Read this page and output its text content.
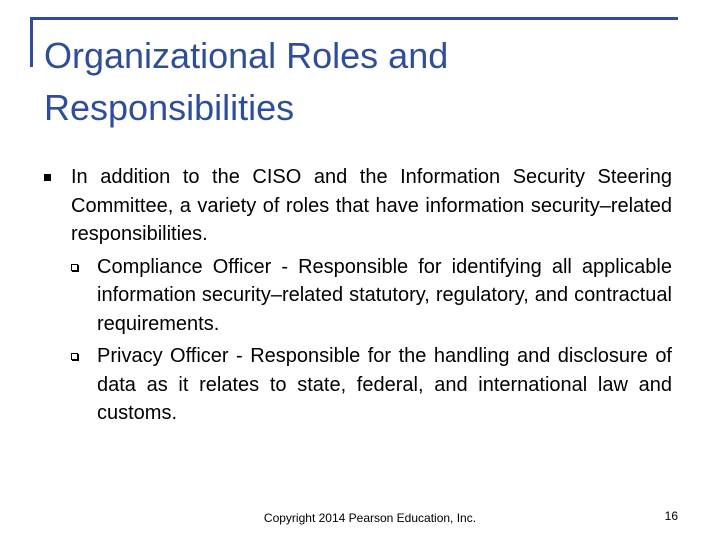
Organizational Roles and Responsibilities
In addition to the CISO and the Information Security Steering Committee, a variety of roles that have information security–related responsibilities.
Compliance Officer - Responsible for identifying all applicable information security–related statutory, regulatory, and contractual requirements.
Privacy Officer - Responsible for the handling and disclosure of data as it relates to state, federal, and international law and customs.
Copyright 2014 Pearson Education, Inc.	16
